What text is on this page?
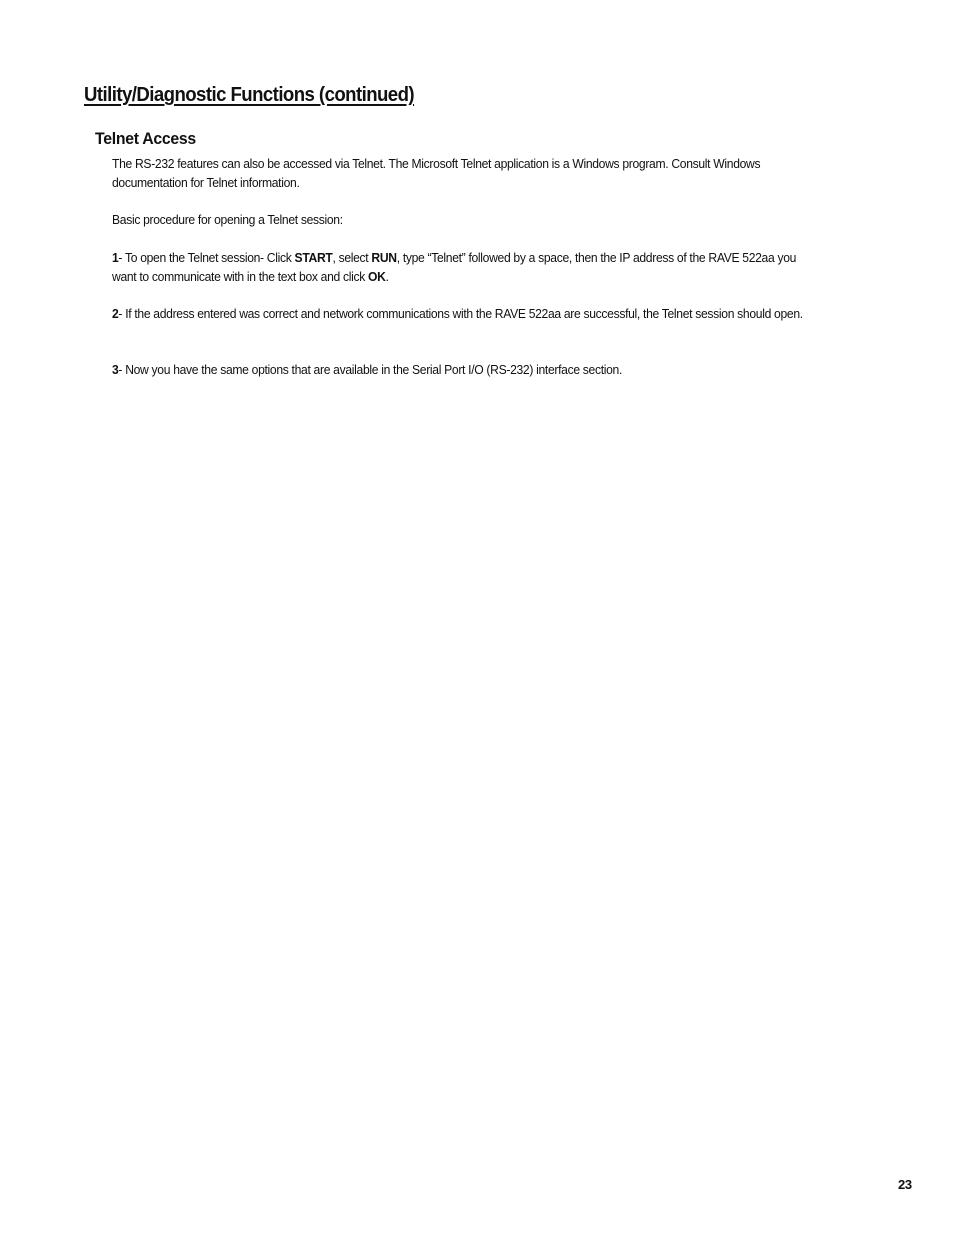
Utility/Diagnostic Functions (continued)
Telnet Access

The RS-232 features can also be accessed via Telnet. The Microsoft Telnet application is a Windows program. Consult Windows documentation for Telnet information.

Basic procedure for opening a Telnet session:

1- To open the Telnet session- Click START, select RUN, type “Telnet” followed by a space, then the IP address of the RAVE 522aa you want to communicate with in the text box and click OK.

2- If the address entered was correct and network communications with the RAVE 522aa are successful, the Telnet session should open.

3- Now you have the same options that are available in the Serial Port I/O (RS-232) interface section.

23
